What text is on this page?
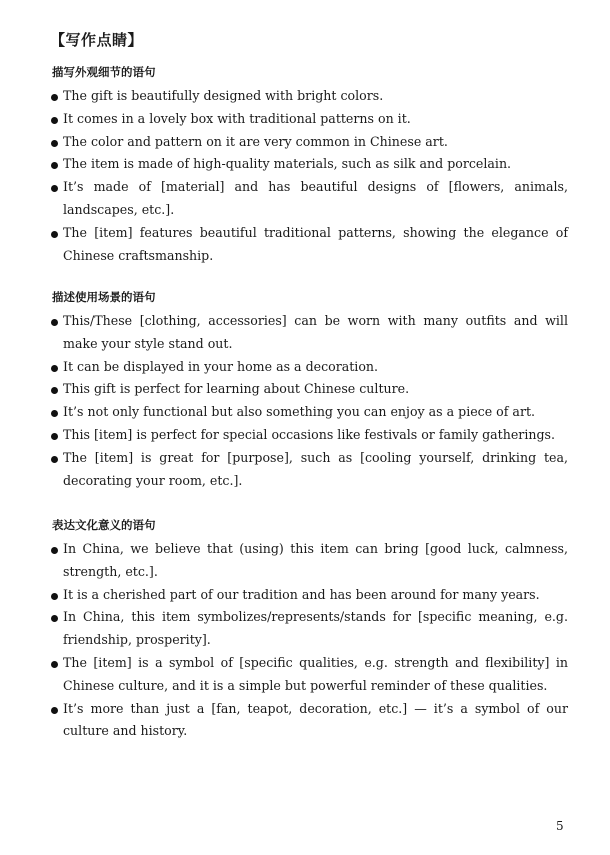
【写作点睛】
描写外观细节的语句
The gift is beautifully designed with bright colors.
It comes in a lovely box with traditional patterns on it.
The color and pattern on it are very common in Chinese art.
The item is made of high-quality materials, such as silk and porcelain.
It’s made of [material] and has beautiful designs of [flowers, animals, landscapes, etc.].
The [item] features beautiful traditional patterns, showing the elegance of Chinese craftsmanship.
描述使用场景的语句
This/These [clothing, accessories] can be worn with many outfits and will make your style stand out.
It can be displayed in your home as a decoration.
This gift is perfect for learning about Chinese culture.
It’s not only functional but also something you can enjoy as a piece of art.
This [item] is perfect for special occasions like festivals or family gatherings.
The [item] is great for [purpose], such as [cooling yourself, drinking tea, decorating your room, etc.].
表达文化意义的语句
In China, we believe that (using) this item can bring [good luck, calmness, strength, etc.].
It is a cherished part of our tradition and has been around for many years.
In China, this item symbolizes/represents/stands for [specific meaning, e.g. friendship, prosperity].
The [item] is a symbol of [specific qualities, e.g. strength and flexibility] in Chinese culture, and it is a simple but powerful reminder of these qualities.
It’s more than just a [fan, teapot, decoration, etc.] — it’s a symbol of our culture and history.
5
